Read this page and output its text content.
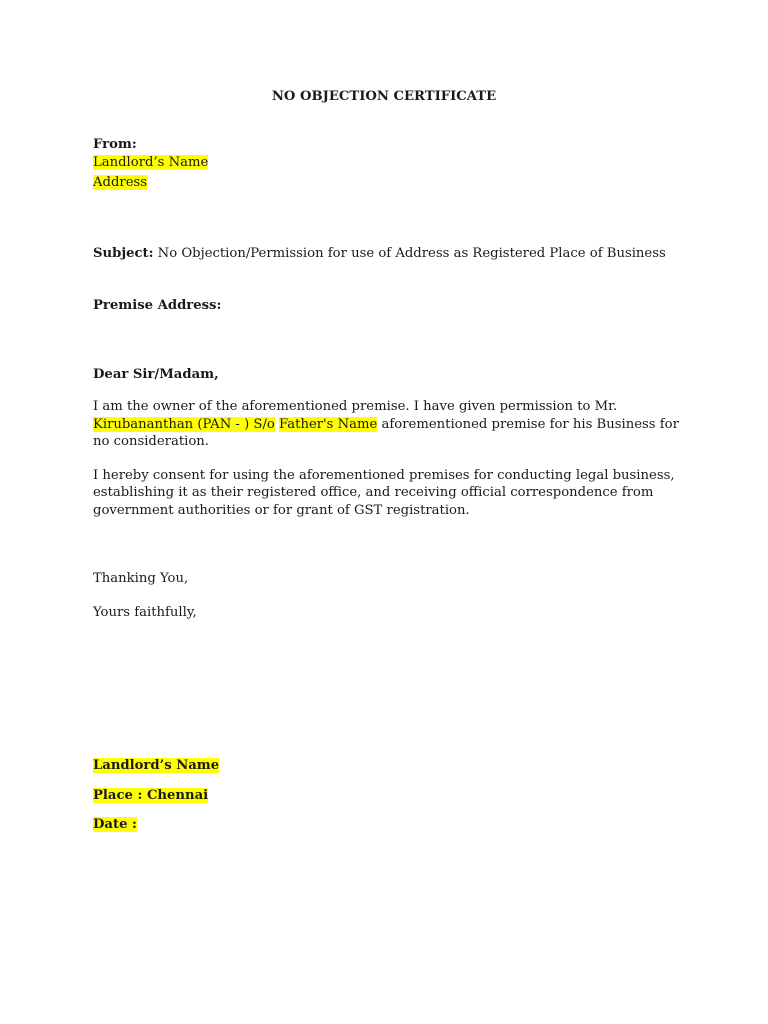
NO OBJECTION CERTIFICATE
From:
Landlord’s Name
Address
Subject: No Objection/Permission for use of Address as Registered Place of Business
Premise Address:
Dear Sir/Madam,
I am the owner of the aforementioned premise. I have given permission to Mr.
Kirubananthan (PAN - ) S/o Father's Name aforementioned premise for his Business for
no consideration.
I hereby consent for using the aforementioned premises for conducting legal business,
establishing it as their registered office, and receiving official correspondence from
government authorities or for grant of GST registration.
Thanking You,
Yours faithfully,
Landlord’s Name
Place : Chennai
Date :
